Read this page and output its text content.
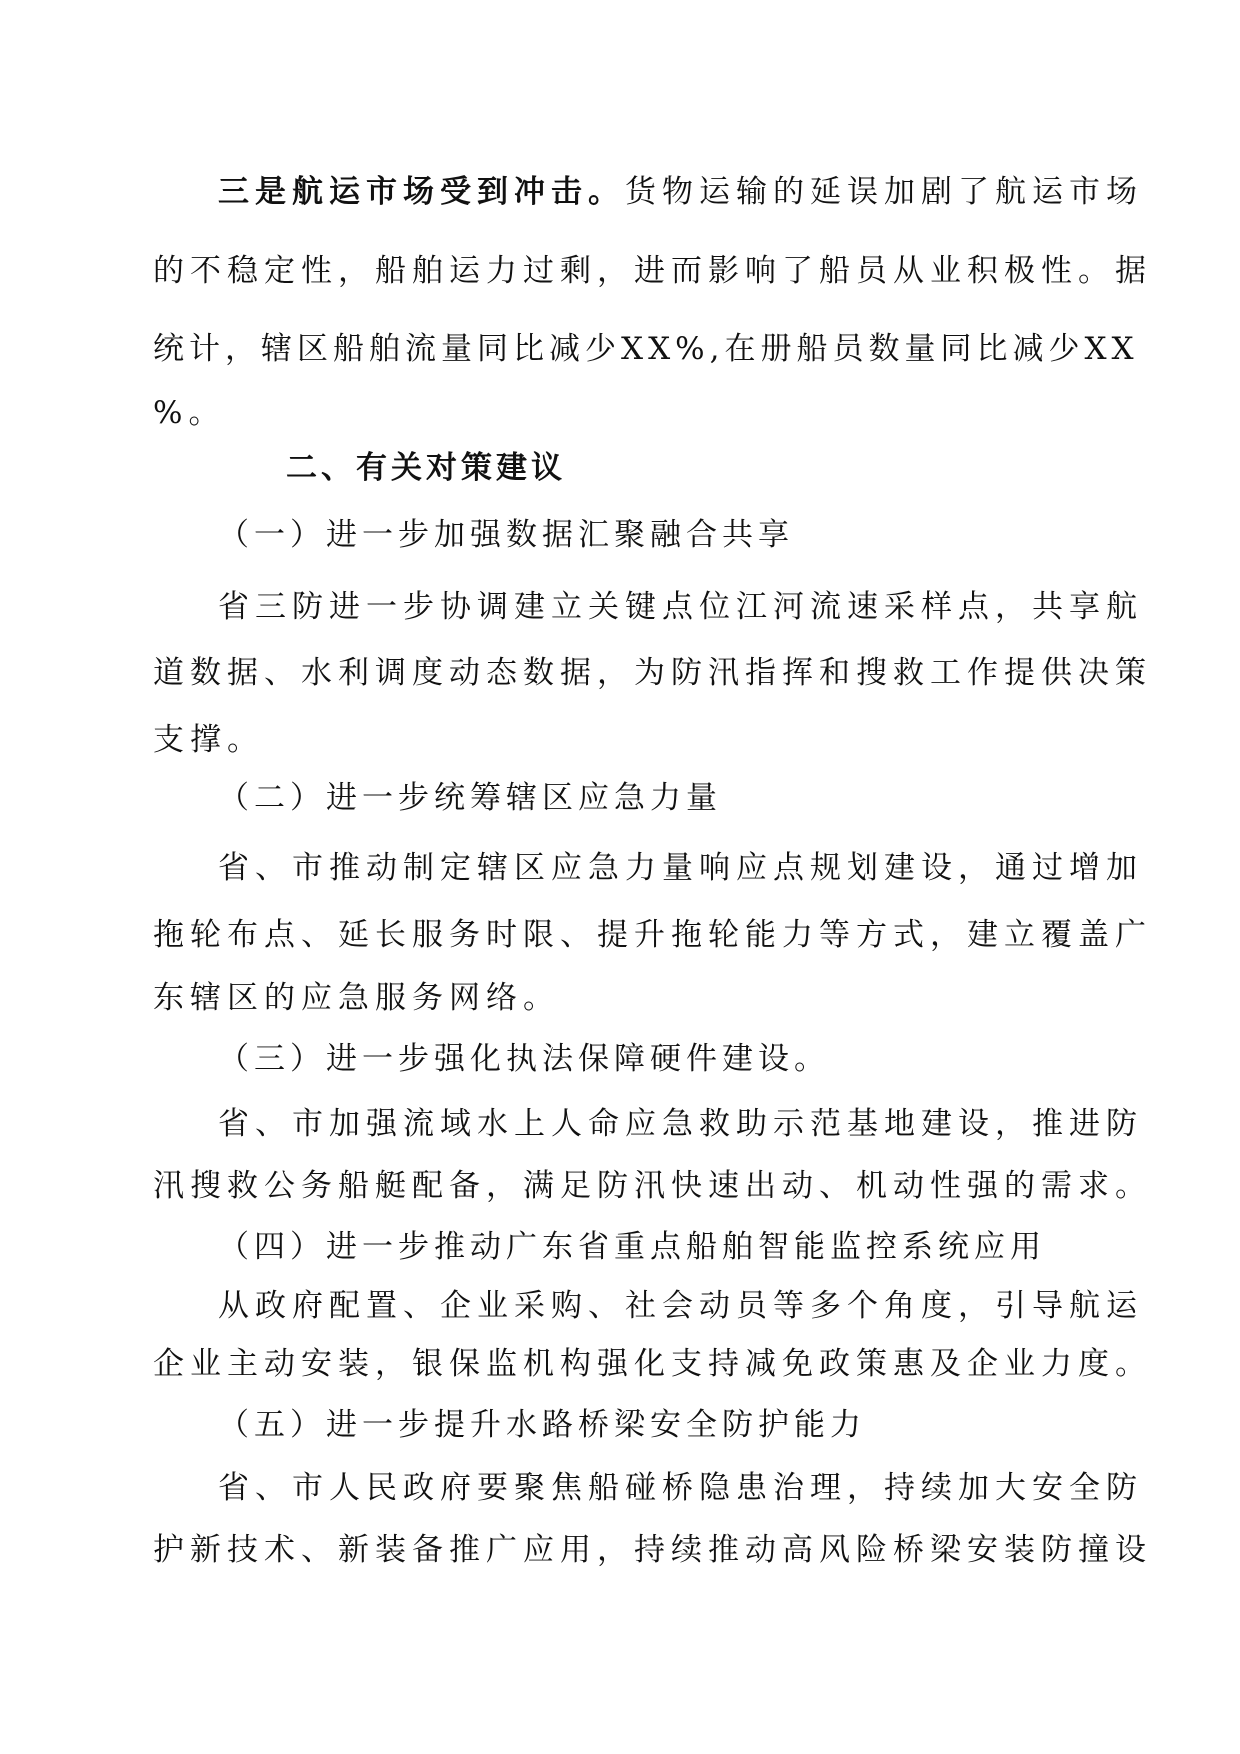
三是航运市场受到冲击。货物运输的延误加剧了航运市场
的不稳定性，船舶运力过剩，进而影响了船员从业积极性。据
统计，辖区船舶流量同比减少XX%,在册船员数量同比减少XX
%。
二、有关对策建议
（一）进一步加强数据汇聚融合共享
省三防进一步协调建立关键点位江河流速采样点，共享航
道数据、水利调度动态数据，为防汛指挥和搜救工作提供决策
支撑。
（二）进一步统筹辖区应急力量
省、市推动制定辖区应急力量响应点规划建设，通过增加
拖轮布点、延长服务时限、提升拖轮能力等方式，建立覆盖广
东辖区的应急服务网络。
（三）进一步强化执法保障硬件建设。
省、市加强流域水上人命应急救助示范基地建设，推进防
汛搜救公务船艇配备，满足防汛快速出动、机动性强的需求。
（四）进一步推动广东省重点船舶智能监控系统应用
从政府配置、企业采购、社会动员等多个角度，引导航运
企业主动安装，银保监机构强化支持减免政策惠及企业力度。
（五）进一步提升水路桥梁安全防护能力
省、市人民政府要聚焦船碰桥隐患治理，持续加大安全防
护新技术、新装备推广应用，持续推动高风险桥梁安装防撞设
